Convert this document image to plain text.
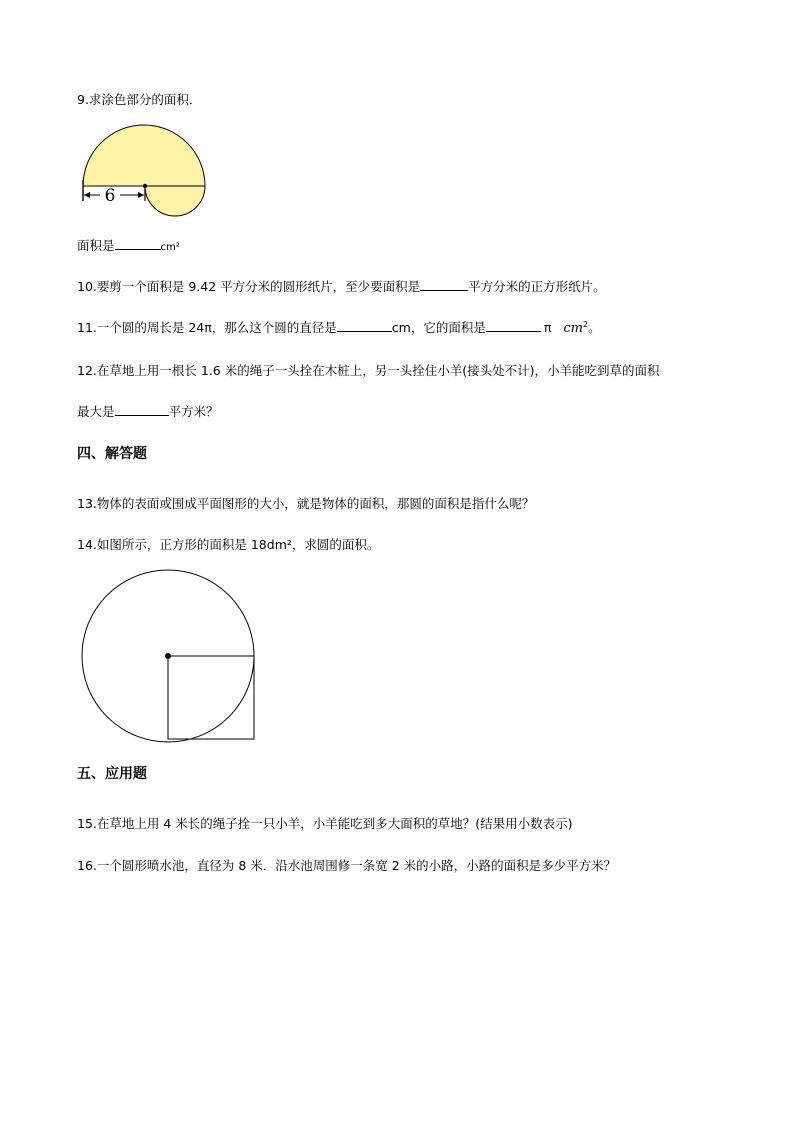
9.求涂色部分的面积．
6
面积是	cm²
10.要剪一个面积是 9.42 平方分米的圆形纸片，至少要面积是	平方分米的正方形纸片。
11.一个圆的周长是 24π，那么这个圆的直径是	cm，它的面积是	π $cm^2$。
12.在草地上用一根长 1.6 米的绳子一头拴在木桩上，另一头拴住小羊(接头处不计)，小羊能吃到草的面积
最大是	平方米？
四、解答题
13.物体的表面或围成平面图形的大小，就是物体的面积，那圆的面积是指什么呢？
14.如图所示，正方形的面积是 18dm²，求圆的面积。
五、应用题
15.在草地上用 4 米长的绳子拴一只小羊，小羊能吃到多大面积的草地？(结果用小数表示)
16.一个圆形喷水池，直径为 8 米．沿水池周围修一条宽 2 米的小路，小路的面积是多少平方米？
